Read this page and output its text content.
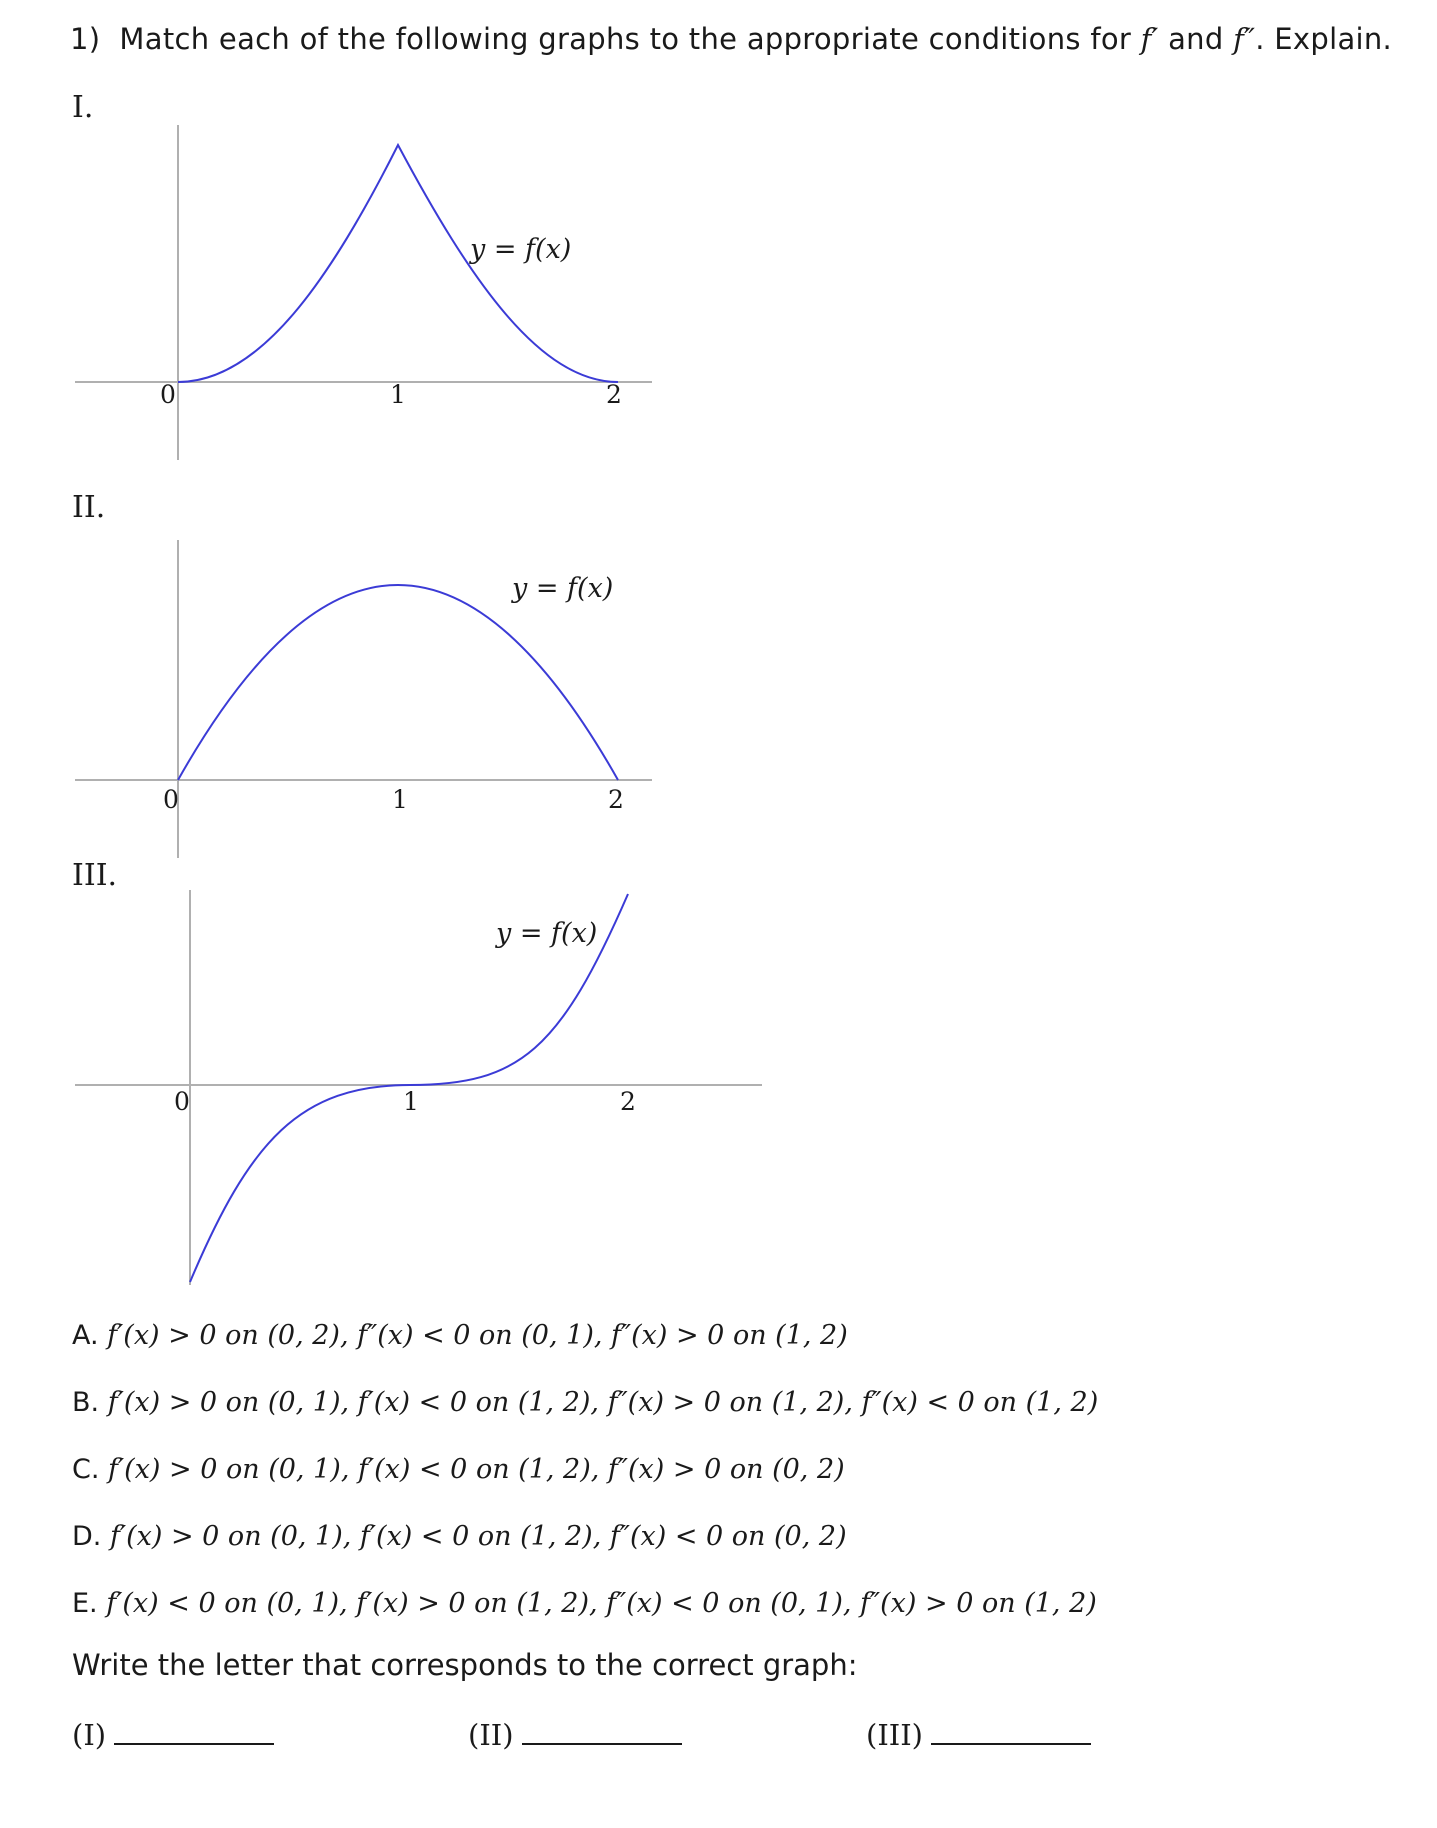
1) Match each of the following graphs to the appropriate conditions for f′ and f″. Explain.
I.
0	1	2
y = f(x)
II.
0	1	2
y = f(x)
III.
0	1	2
y = f(x)
A. f′(x) > 0 on (0, 2), f″(x) < 0 on (0, 1), f″(x) > 0 on (1, 2)
B. f′(x) > 0 on (0, 1), f′(x) < 0 on (1, 2), f″(x) > 0 on (1, 2), f″(x) < 0 on (1, 2)
C. f′(x) > 0 on (0, 1), f′(x) < 0 on (1, 2), f″(x) > 0 on (0, 2)
D. f′(x) > 0 on (0, 1), f′(x) < 0 on (1, 2), f″(x) < 0 on (0, 2)
E. f′(x) < 0 on (0, 1), f′(x) > 0 on (1, 2), f″(x) < 0 on (0, 1), f″(x) > 0 on (1, 2)
Write the letter that corresponds to the correct graph:
(I)	(II)	(III)
